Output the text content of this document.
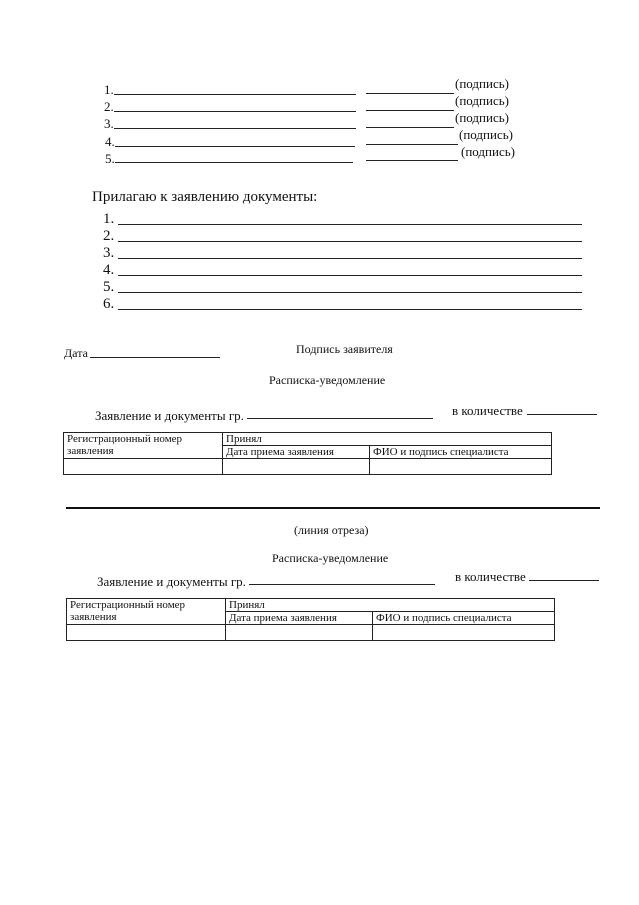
1.	(подпись)
2.	(подпись)
3.	(подпись)
4.	(подпись)
5.	(подпись)
Прилагаю к заявлению документы:
1.
2.
3.
4.
5.
6.
Дата	Подпись заявителя
Расписка-уведомление
Заявление и документы гр.	в количестве
Регистрационный номер заявления	Принял	
	Дата приема заявления	ФИО и подпись специалиста

(линия отреза)
Расписка-уведомление
Заявление и документы гр.	в количестве
Регистрационный номер заявления	Принял	
	Дата приема заявления	ФИО и подпись специалиста
